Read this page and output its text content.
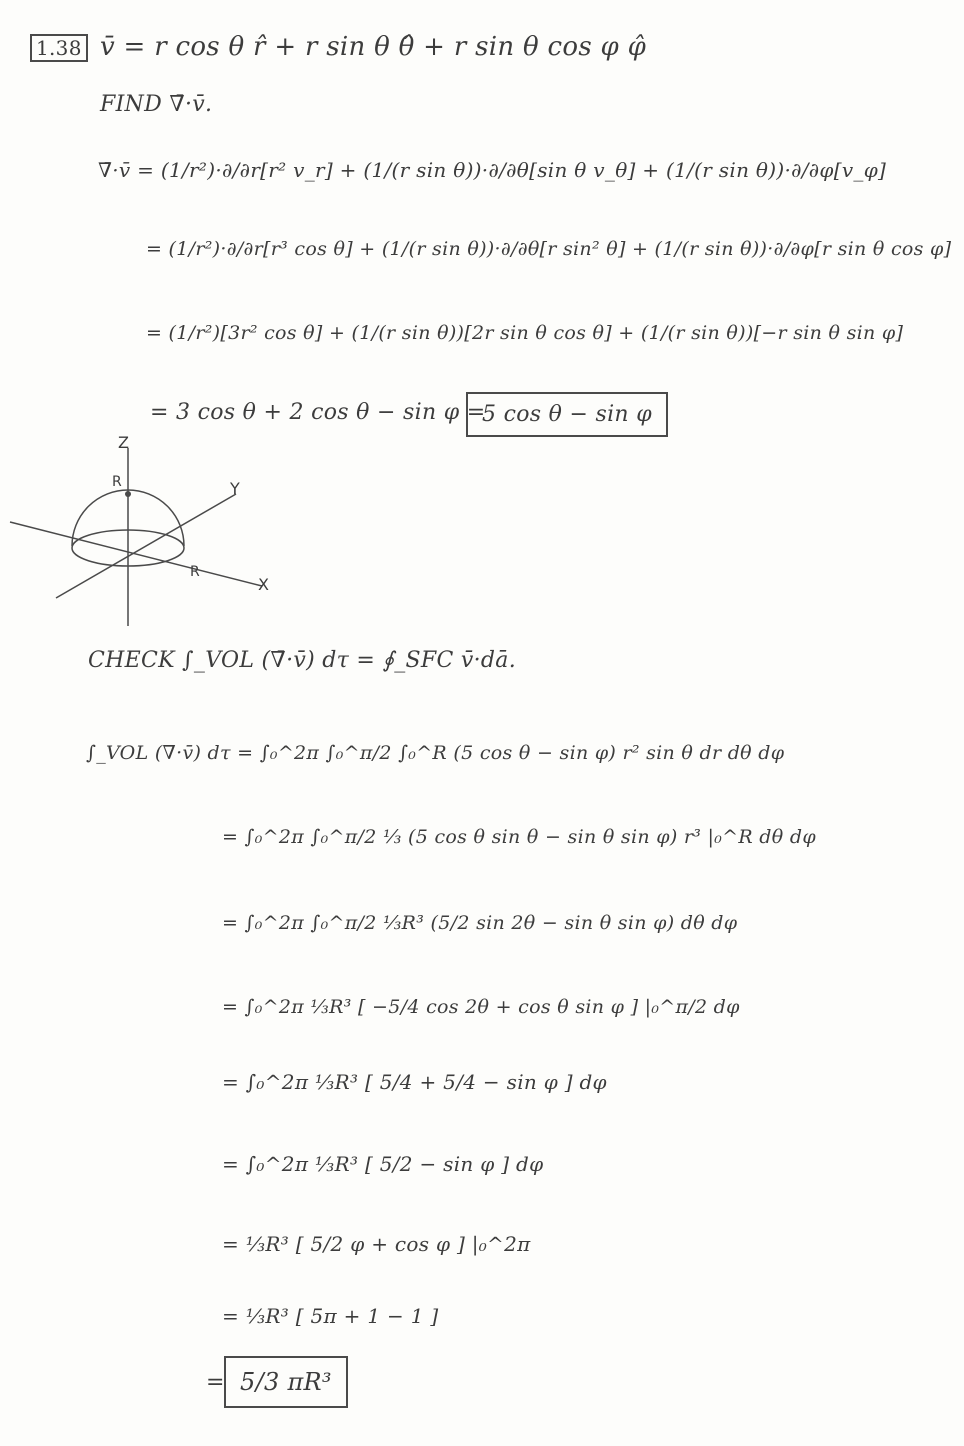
1.38 v̄ = r cos θ r̂ + r sin θ θ̂ + r sin θ cos φ φ̂
FIND ∇̄·v̄.
∇̄·v̄ = (1/r²)·∂/∂r[r² v_r] + (1/(r sin θ))·∂/∂θ[sin θ v_θ] + (1/(r sin θ))·∂/∂φ[v_φ]
= (1/r²)·∂/∂r[r³ cos θ] + (1/(r sin θ))·∂/∂θ[r sin² θ] + (1/(r sin θ))·∂/∂φ[r sin θ cos φ]
= (1/r²)[3r² cos θ] + (1/(r sin θ))[2r sin θ cos θ] + (1/(r sin θ))[−r sin θ sin φ]
= 3 cos θ + 2 cos θ − sin φ =
5 cos θ − sin φ
Z
Y
X
R
R
CHECK ∫_VOL (∇̄·v̄) dτ = ∮_SFC v̄·dā.
∫_VOL (∇̄·v̄) dτ = ∫₀^2π ∫₀^π/2 ∫₀^R (5 cos θ − sin φ) r² sin θ dr dθ dφ
= ∫₀^2π ∫₀^π/2 ⅓ (5 cos θ sin θ − sin θ sin φ) r³ |₀^R dθ dφ
= ∫₀^2π ∫₀^π/2 ⅓R³ (5/2 sin 2θ − sin θ sin φ) dθ dφ
= ∫₀^2π ⅓R³ [ −5/4 cos 2θ + cos θ sin φ ] |₀^π/2 dφ
= ∫₀^2π ⅓R³ [ 5/4 + 5/4 − sin φ ] dφ
= ∫₀^2π ⅓R³ [ 5/2 − sin φ ] dφ
= ⅓R³ [ 5/2 φ + cos φ ] |₀^2π
= ⅓R³ [ 5π + 1 − 1 ]
= 5/3 πR³
